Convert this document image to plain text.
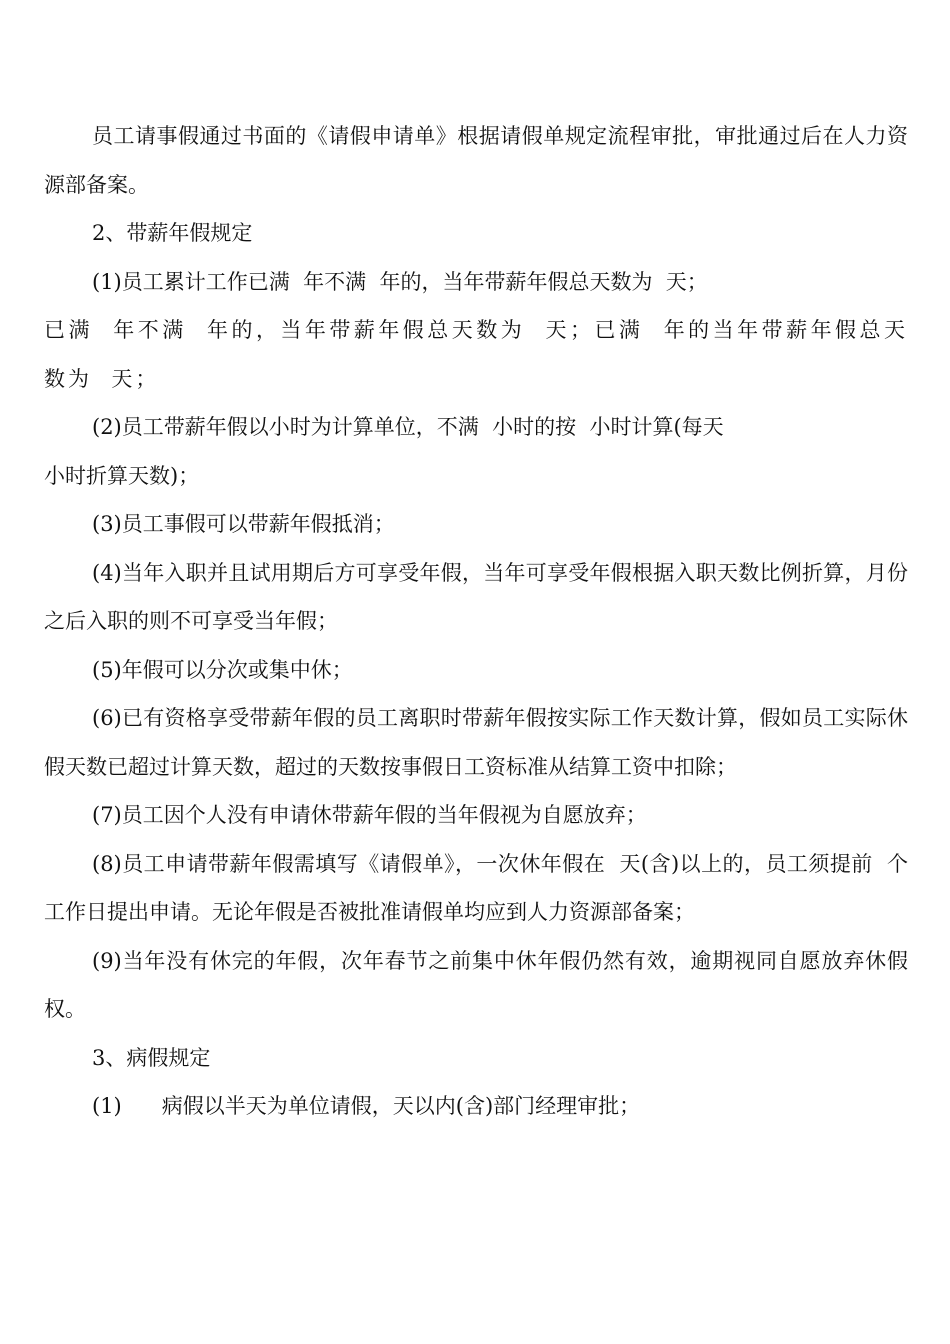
员工请事假通过书面的《请假申请单》根据请假单规定流程审批，审批通过后在人力资源部备案。

2、带薪年假规定

(1)员工累计工作已满  年不满  年的，当年带薪年假总天数为  天；

已满  年不满  年的，当年带薪年假总天数为  天；已满  年的当年带薪年假总天数为  天；

(2)员工带薪年假以小时为计算单位，不满  小时的按  小时计算(每天

小时折算天数)；

(3)员工事假可以带薪年假抵消；

(4)当年入职并且试用期后方可享受年假，当年可享受年假根据入职天数比例折算，月份之后入职的则不可享受当年假；

(5)年假可以分次或集中休；

(6)已有资格享受带薪年假的员工离职时带薪年假按实际工作天数计算，假如员工实际休假天数已超过计算天数，超过的天数按事假日工资标准从结算工资中扣除；

(7)员工因个人没有申请休带薪年假的当年假视为自愿放弃；

(8)员工申请带薪年假需填写《请假单》，一次休年假在  天(含)以上的，员工须提前  个工作日提出申请。无论年假是否被批准请假单均应到人力资源部备案；

(9)当年没有休完的年假，次年春节之前集中休年假仍然有效，逾期视同自愿放弃休假权。

3、病假规定

(1)      病假以半天为单位请假，天以内(含)部门经理审批；
